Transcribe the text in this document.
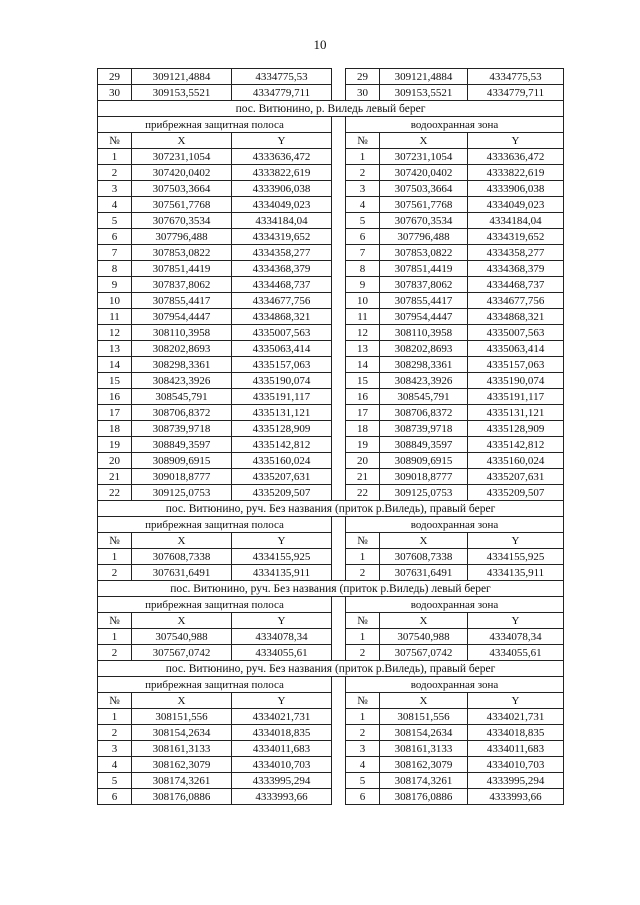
10
29	309121,4884	4334775,53		29	309121,4884	4334775,53
30	309153,5521	4334779,711		30	309153,5521	4334779,711
пос. Витюнино, р. Виледь левый берег						
прибрежная защитная полоса				водоохранная зона		
№	X	Y		№	X	Y
1	307231,1054	4333636,472		1	307231,1054	4333636,472
2	307420,0402	4333822,619		2	307420,0402	4333822,619
3	307503,3664	4333906,038		3	307503,3664	4333906,038
4	307561,7768	4334049,023		4	307561,7768	4334049,023
5	307670,3534	4334184,04		5	307670,3534	4334184,04
6	307796,488	4334319,652		6	307796,488	4334319,652
7	307853,0822	4334358,277		7	307853,0822	4334358,277
8	307851,4419	4334368,379		8	307851,4419	4334368,379
9	307837,8062	4334468,737		9	307837,8062	4334468,737
10	307855,4417	4334677,756		10	307855,4417	4334677,756
11	307954,4447	4334868,321		11	307954,4447	4334868,321
12	308110,3958	4335007,563		12	308110,3958	4335007,563
13	308202,8693	4335063,414		13	308202,8693	4335063,414
14	308298,3361	4335157,063		14	308298,3361	4335157,063
15	308423,3926	4335190,074		15	308423,3926	4335190,074
16	308545,791	4335191,117		16	308545,791	4335191,117
17	308706,8372	4335131,121		17	308706,8372	4335131,121
18	308739,9718	4335128,909		18	308739,9718	4335128,909
19	308849,3597	4335142,812		19	308849,3597	4335142,812
20	308909,6915	4335160,024		20	308909,6915	4335160,024
21	309018,8777	4335207,631		21	309018,8777	4335207,631
22	309125,0753	4335209,507		22	309125,0753	4335209,507
пос. Витюнино, руч. Без названия (приток р.Виледь), правый берег						
прибрежная защитная полоса				водоохранная зона		
№	X	Y		№	X	Y
1	307608,7338	4334155,925		1	307608,7338	4334155,925
2	307631,6491	4334135,911		2	307631,6491	4334135,911
пос. Витюнино, руч. Без названия (приток р.Виледь) левый берег						
прибрежная защитная полоса				водоохранная зона		
№	X	Y		№	X	Y
1	307540,988	4334078,34		1	307540,988	4334078,34
2	307567,0742	4334055,61		2	307567,0742	4334055,61
пос. Витюнино, руч. Без названия (приток р.Виледь), правый берег						
прибрежная защитная полоса				водоохранная зона		
№	X	Y		№	X	Y
1	308151,556	4334021,731		1	308151,556	4334021,731
2	308154,2634	4334018,835		2	308154,2634	4334018,835
3	308161,3133	4334011,683		3	308161,3133	4334011,683
4	308162,3079	4334010,703		4	308162,3079	4334010,703
5	308174,3261	4333995,294		5	308174,3261	4333995,294
6	308176,0886	4333993,66		6	308176,0886	4333993,66
